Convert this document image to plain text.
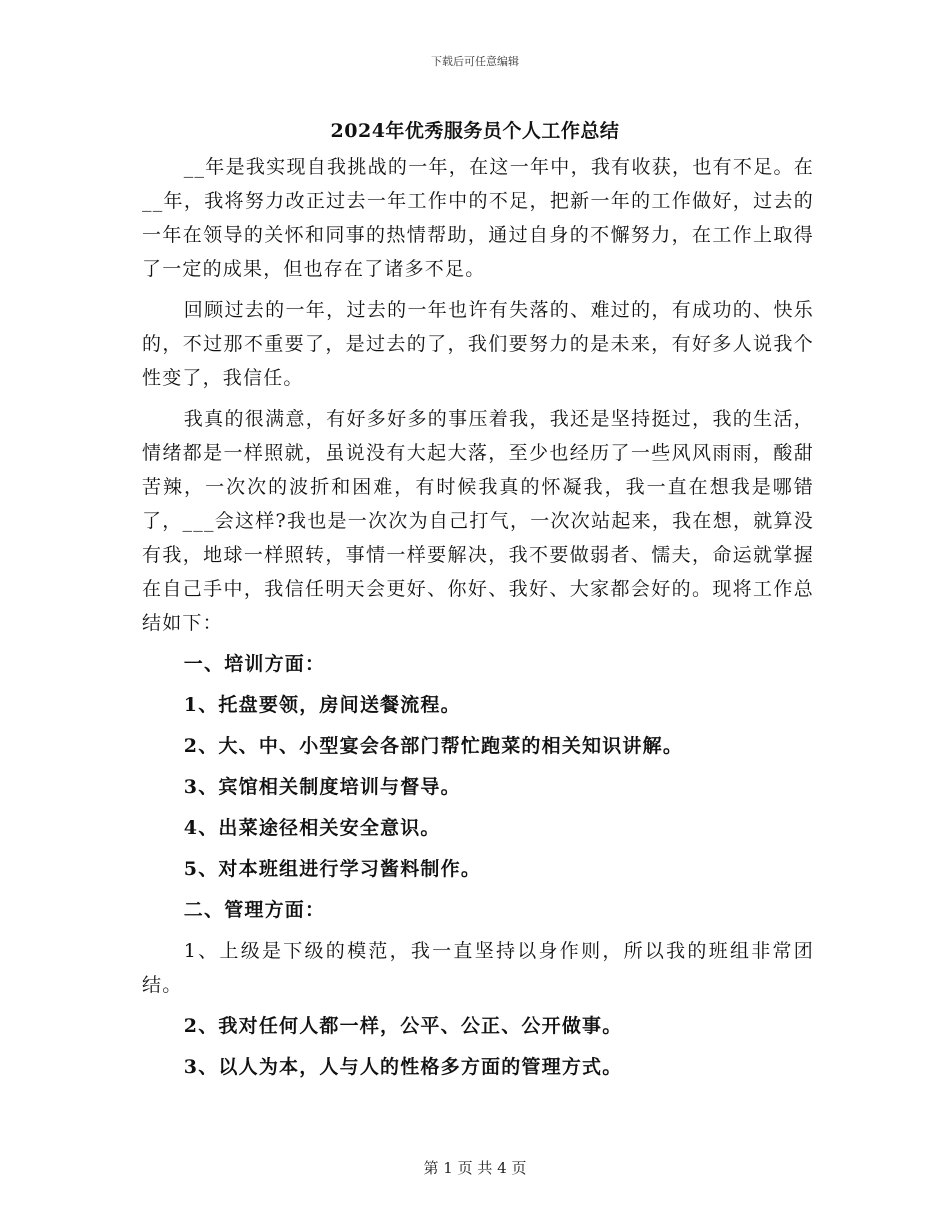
下载后可任意编辑
2024年优秀服务员个人工作总结

__年是我实现自我挑战的一年，在这一年中，我有收获，也有不足。在__年，我将努力改正过去一年工作中的不足，把新一年的工作做好，过去的一年在领导的关怀和同事的热情帮助，通过自身的不懈努力，在工作上取得了一定的成果，但也存在了诸多不足。

回顾过去的一年，过去的一年也许有失落的、难过的，有成功的、快乐的，不过那不重要了，是过去的了，我们要努力的是未来，有好多人说我个性变了，我信任。

我真的很满意，有好多好多的事压着我，我还是坚持挺过，我的生活，情绪都是一样照就，虽说没有大起大落，至少也经历了一些风风雨雨，酸甜苦辣，一次次的波折和困难，有时候我真的怀凝我，我一直在想我是哪错了，___会这样?我也是一次次为自己打气，一次次站起来，我在想，就算没有我，地球一样照转，事情一样要解决，我不要做弱者、懦夫，命运就掌握在自己手中，我信任明天会更好、你好、我好、大家都会好的。现将工作总结如下：

一、培训方面：

1、托盘要领，房间送餐流程。

2、大、中、小型宴会各部门帮忙跑菜的相关知识讲解。

3、宾馆相关制度培训与督导。

4、出菜途径相关安全意识。

5、对本班组进行学习酱料制作。

二、管理方面：

1、上级是下级的模范，我一直坚持以身作则，所以我的班组非常团结。

2、我对任何人都一样，公平、公正、公开做事。

3、以人为本，人与人的性格多方面的管理方式。

第 1 页 共 4 页
